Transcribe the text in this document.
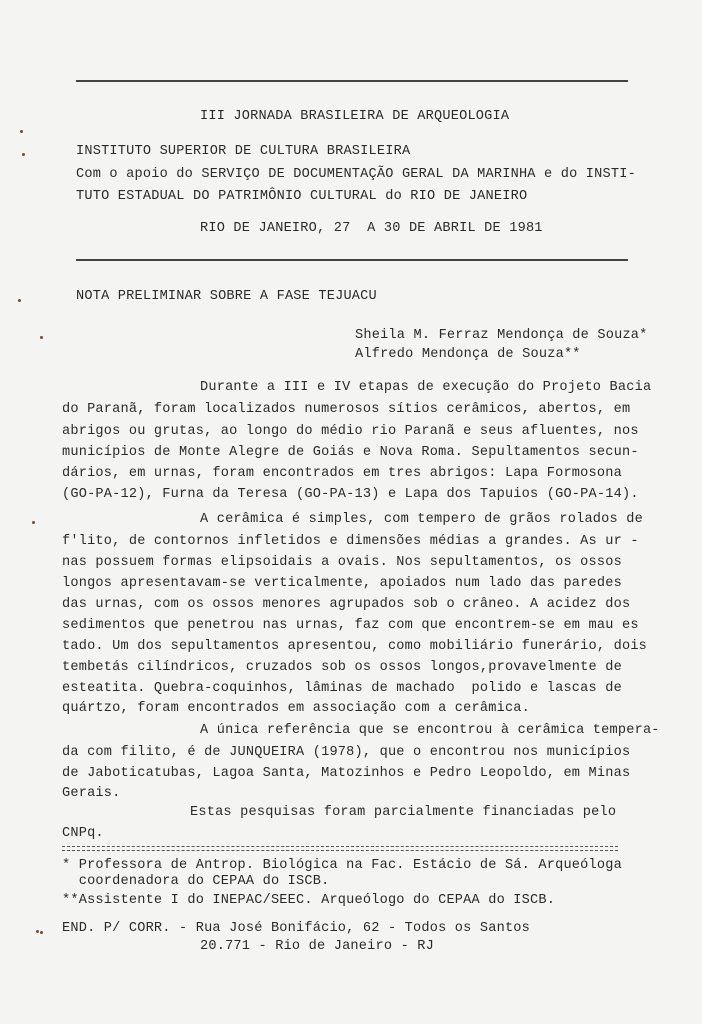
III JORNADA BRASILEIRA DE ARQUEOLOGIA
INSTITUTO SUPERIOR DE CULTURA BRASILEIRA
Com o apoio do SERVIÇO DE DOCUMENTAÇÃO GERAL DA MARINHA e do INSTI-
TUTO ESTADUAL DO PATRIMÔNIO CULTURAL do RIO DE JANEIRO
RIO DE JANEIRO, 27  A 30 DE ABRIL DE 1981
NOTA PRELIMINAR SOBRE A FASE TEJUACU
Sheila M. Ferraz Mendonça de Souza*
Alfredo Mendonça de Souza**
Durante a III e IV etapas de execução do Projeto Bacia
do Paranã, foram localizados numerosos sítios cerâmicos, abertos, em
abrigos ou grutas, ao longo do médio rio Paranã e seus afluentes, nos
municípios de Monte Alegre de Goiás e Nova Roma. Sepultamentos secun-
dários, em urnas, foram encontrados em tres abrigos: Lapa Formosona
(GO-PA-12), Furna da Teresa (GO-PA-13) e Lapa dos Tapuios (GO-PA-14).
A cerâmica é simples, com tempero de grãos rolados de
f'lito, de contornos infletidos e dimensões médias a grandes. As ur -
nas possuem formas elipsoidais a ovais. Nos sepultamentos, os ossos
longos apresentavam-se verticalmente, apoiados num lado das paredes
das urnas, com os ossos menores agrupados sob o crâneo. A acidez dos
sedimentos que penetrou nas urnas, faz com que encontrem-se em mau es
tado. Um dos sepultamentos apresentou, como mobiliário funerário, dois
tembetás cilíndricos, cruzados sob os ossos longos,provavelmente de
esteatita. Quebra-coquinhos, lâminas de machado  polido e lascas de
quártzo, foram encontrados em associação com a cerâmica.
A única referência que se encontrou à cerâmica tempera-
da com filito, é de JUNQUEIRA (1978), que o encontrou nos municípios
de Jaboticatubas, Lagoa Santa, Matozinhos e Pedro Leopoldo, em Minas
Gerais.
Estas pesquisas foram parcialmente financiadas pelo
CNPq.
* Professora de Antrop. Biológica na Fac. Estácio de Sá. Arqueóloga
coordenadora do CEPAA do ISCB.
**Assistente I do INEPAC/SEEC. Arqueólogo do CEPAA do ISCB.
END. P/ CORR. - Rua José Bonifácio, 62 - Todos os Santos
20.771 - Rio de Janeiro - RJ
